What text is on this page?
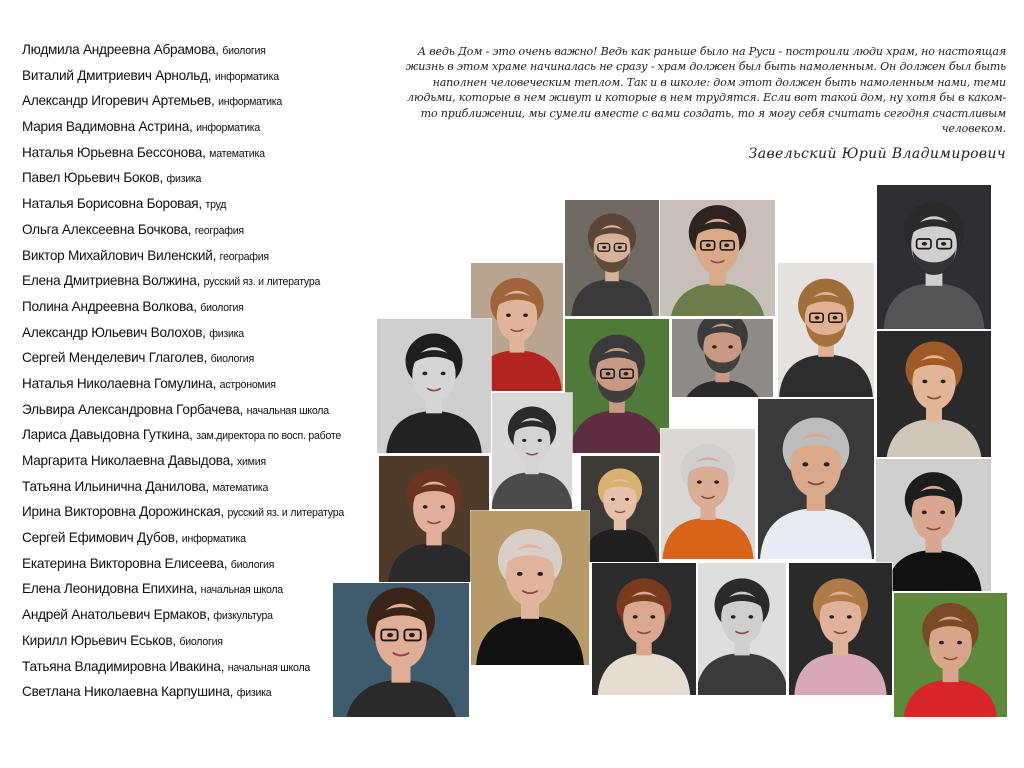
Людмила Андреевна Абрамова, биология
Виталий Дмитриевич Арнольд, информатика
Александр Игоревич Артемьев, информатика
Мария Вадимовна Астрина, информатика
Наталья Юрьевна Бессонова, математика
Павел Юрьевич Боков, физика
Наталья Борисовна Боровая, труд
Ольга Алексеевна Бочкова, география
Виктор Михайлович Виленский, география
Елена Дмитриевна Волжина, русский яз. и литература
Полина Андреевна Волкова, биология
Александр Юльевич Волохов, физика
Сергей Менделевич Глаголев, биология
Наталья Николаевна Гомулина, астрономия
Эльвира Александровна Горбачева, начальная школа
Лариса Давыдовна Гуткина, зам.директора по восп. работе
Маргарита Николаевна Давыдова, химия
Татьяна Ильинична Данилова, математика
Ирина Викторовна Дорожинская, русский яз. и литература
Сергей Ефимович Дубов, информатика
Екатерина Викторовна Елисеева, биология
Елена Леонидовна Епихина, начальная школа
Андрей Анатольевич Ермаков, физкультура
Кирилл Юрьевич Еськов, биология
Татьяна Владимировна Ивакина, начальная школа
Светлана Николаевна Карпушина, физика

А ведь Дом - это очень важно! Ведь как раньше было на Руси - построили люди храм, но настоящая жизнь в этом храме начиналась не сразу - храм должен был быть намоленным. Он должен был быть наполнен человеческим теплом. Так и в школе: дом этот должен быть намоленным нами, теми людьми, которые в нем живут и которые в нем трудятся. Если вот такой дом, ну хотя бы в каком-то приближении, мы сумели вместе с вами создать, то я могу себя считать сегодня счастливым человеком.

Завельский Юрий Владимирович
